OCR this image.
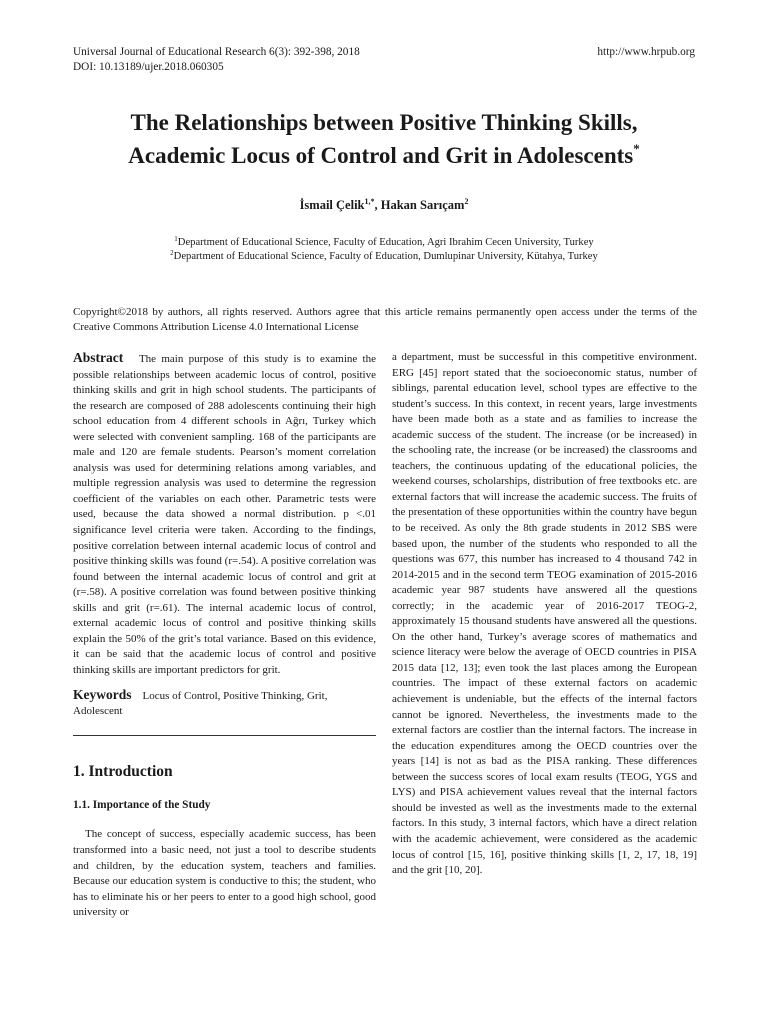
Universal Journal of Educational Research 6(3): 392-398, 2018
DOI: 10.13189/ujer.2018.060305
http://www.hrpub.org
The Relationships between Positive Thinking Skills,
Academic Locus of Control and Grit in Adolescents*
İsmail Çelik$^{1,*}$, Hakan Sarıçam$^2$
$^1$Department of Educational Science, Faculty of Education, Agri Ibrahim Cecen University, Turkey
$^2$Department of Educational Science, Faculty of Education, Dumlupinar University, Kütahya, Turkey
Copyright©2018 by authors, all rights reserved. Authors agree that this article remains permanently open access under the terms of the Creative Commons Attribution License 4.0 International License

Abstract The main purpose of this study is to examine the possible relationships between academic locus of control, positive thinking skills and grit in high school students. The participants of the research are composed of 288 adolescents continuing their high school education from 4 different schools in Ağrı, Turkey which were selected with convenient sampling. 168 of the participants are male and 120 are female students. Pearson’s moment correlation analysis was used for determining relations among variables, and multiple regression analysis was used to determine the regression coefficient of the variables on each other. Parametric tests were used, because the data showed a normal distribution. p <.01 significance level criteria were taken. According to the findings, positive correlation between internal academic locus of control and positive thinking skills was found (r=.54). A positive correlation was found between the internal academic locus of control and grit at (r=.58). A positive correlation was found between positive thinking skills and grit (r=.61). The internal academic locus of control, external academic locus of control and positive thinking skills explain the 50% of the grit’s total variance. Based on this evidence, it can be said that the academic locus of control and positive thinking skills are important predictors for grit.

Keywords Locus of Control, Positive Thinking, Grit, Adolescent
1. Introduction
1.1. Importance of the Study

The concept of success, especially academic success, has been transformed into a basic need, not just a tool to describe students and children, by the education system, teachers and families. Because our education system is conductive to this; the student, who has to eliminate his or her peers to enter to a good high school, good university or

a department, must be successful in this competitive environment. ERG [45] report stated that the socioeconomic status, number of siblings, parental education level, school types are effective to the student’s success. In this context, in recent years, large investments have been made both as a state and as families to increase the academic success of the student. The increase (or be increased) in the schooling rate, the increase (or be increased) the classrooms and teachers, the continuous updating of the educational policies, the weekend courses, scholarships, distribution of free textbooks etc. are external factors that will increase the academic success. The fruits of the presentation of these opportunities within the country have begun to be received. As only the 8th grade students in 2012 SBS were based upon, the number of the students who responded to all the questions was 677, this number has increased to 4 thousand 742 in 2014-2015 and in the second term TEOG examination of 2015-2016 academic year 987 students have answered all the questions correctly; in the academic year of 2016-2017 TEOG-2, approximately 15 thousand students have answered all the questions. On the other hand, Turkey’s average scores of mathematics and science literacy were below the average of OECD countries in PISA 2015 data [12, 13]; even took the last places among the European countries. The impact of these external factors on academic achievement is undeniable, but the effects of the internal factors cannot be ignored. Nevertheless, the investments made to the external factors are costlier than the internal factors. The increase in the education expenditures among the OECD countries over the years [14] is not as bad as the PISA ranking. These differences between the success scores of local exam results (TEOG, YGS and LYS) and PISA achievement values reveal that the internal factors should be invested as well as the investments made to the external factors. In this study, 3 internal factors, which have a direct relation with the academic achievement, were considered as the academic locus of control [15, 16], positive thinking skills [1, 2, 17, 18, 19] and the grit [10, 20].
